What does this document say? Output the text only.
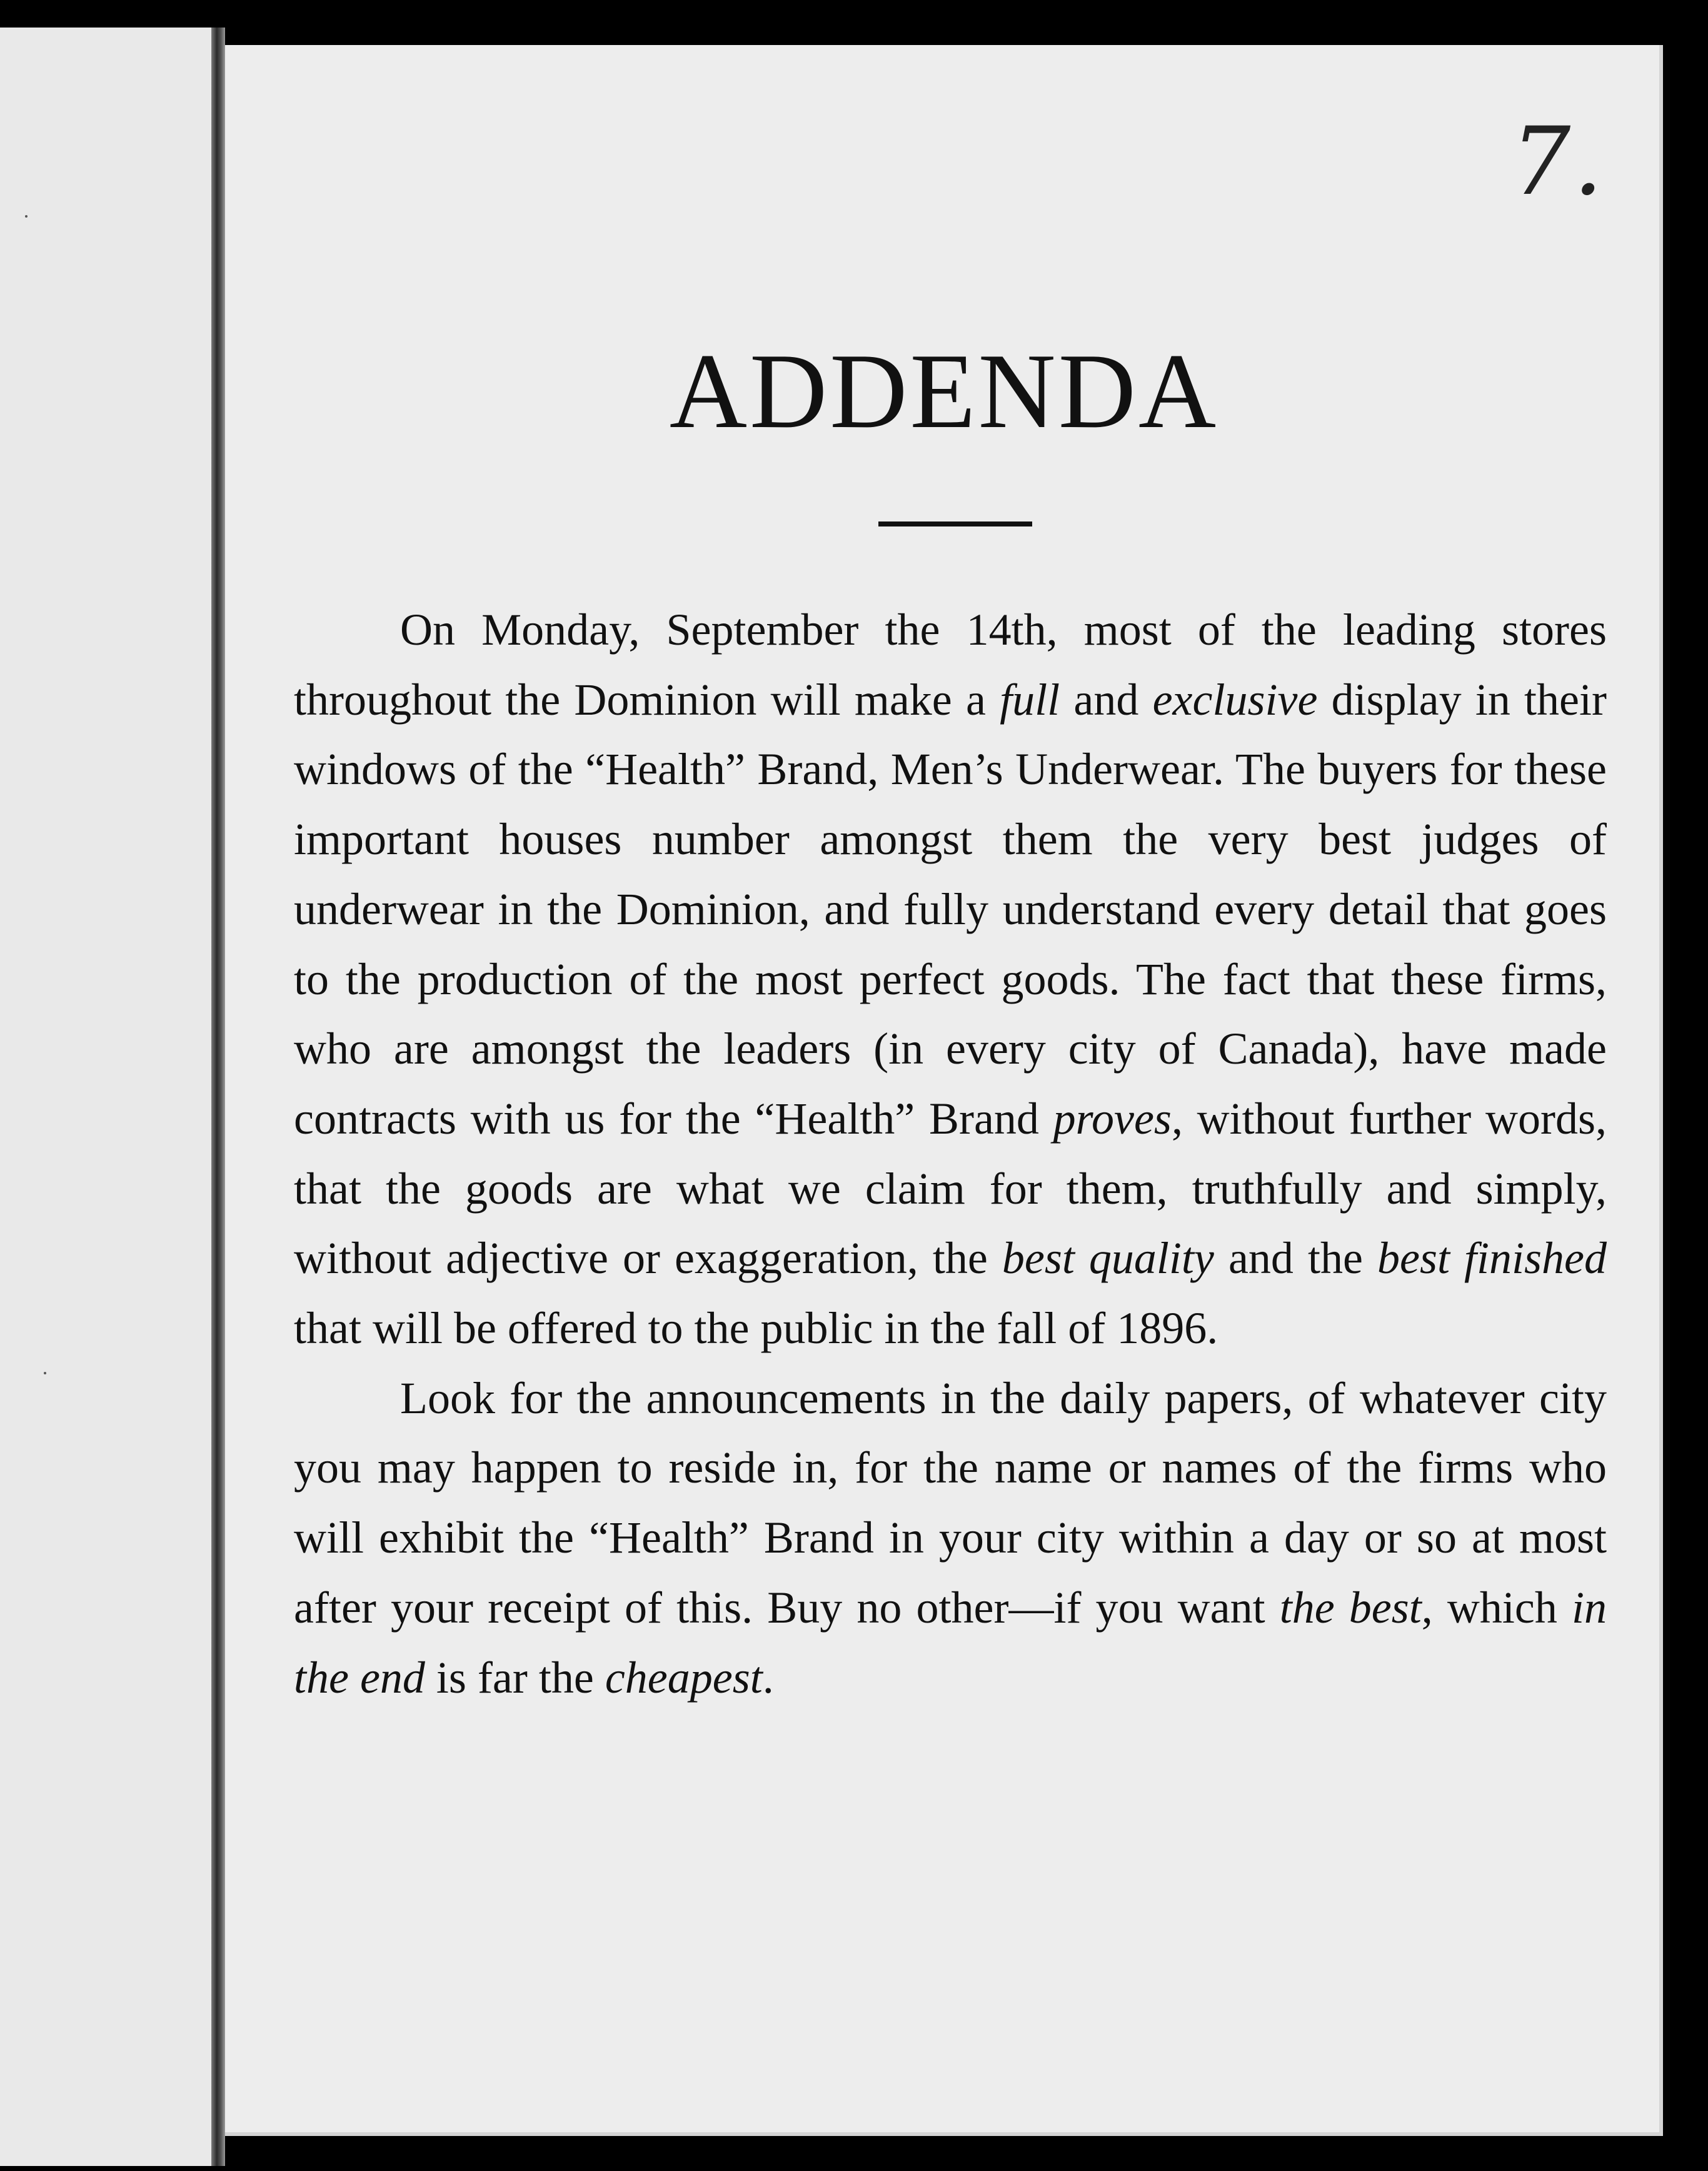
7.
ADDENDA

On Monday, September the 14th, most of the leading stores throughout the Dominion will make a full and exclusive display in their windows of the “Health” Brand, Men’s Underwear. The buyers for these important houses number amongst them the very best judges of underwear in the Dominion, and fully understand every detail that goes to the production of the most perfect goods. The fact that these firms, who are amongst the leaders (in every city of Canada), have made contracts with us for the “Health” Brand proves, without further words, that the goods are what we claim for them, truthfully and simply, without adjective or exaggeration, the best quality and the best finished that will be offered to the public in the fall of 1896.

Look for the announcements in the daily papers, of whatever city you may happen to reside in, for the name or names of the firms who will exhibit the “Health” Brand in your city within a day or so at most after your receipt of this. Buy no other—if you want the best, which in the end is far the cheapest.
